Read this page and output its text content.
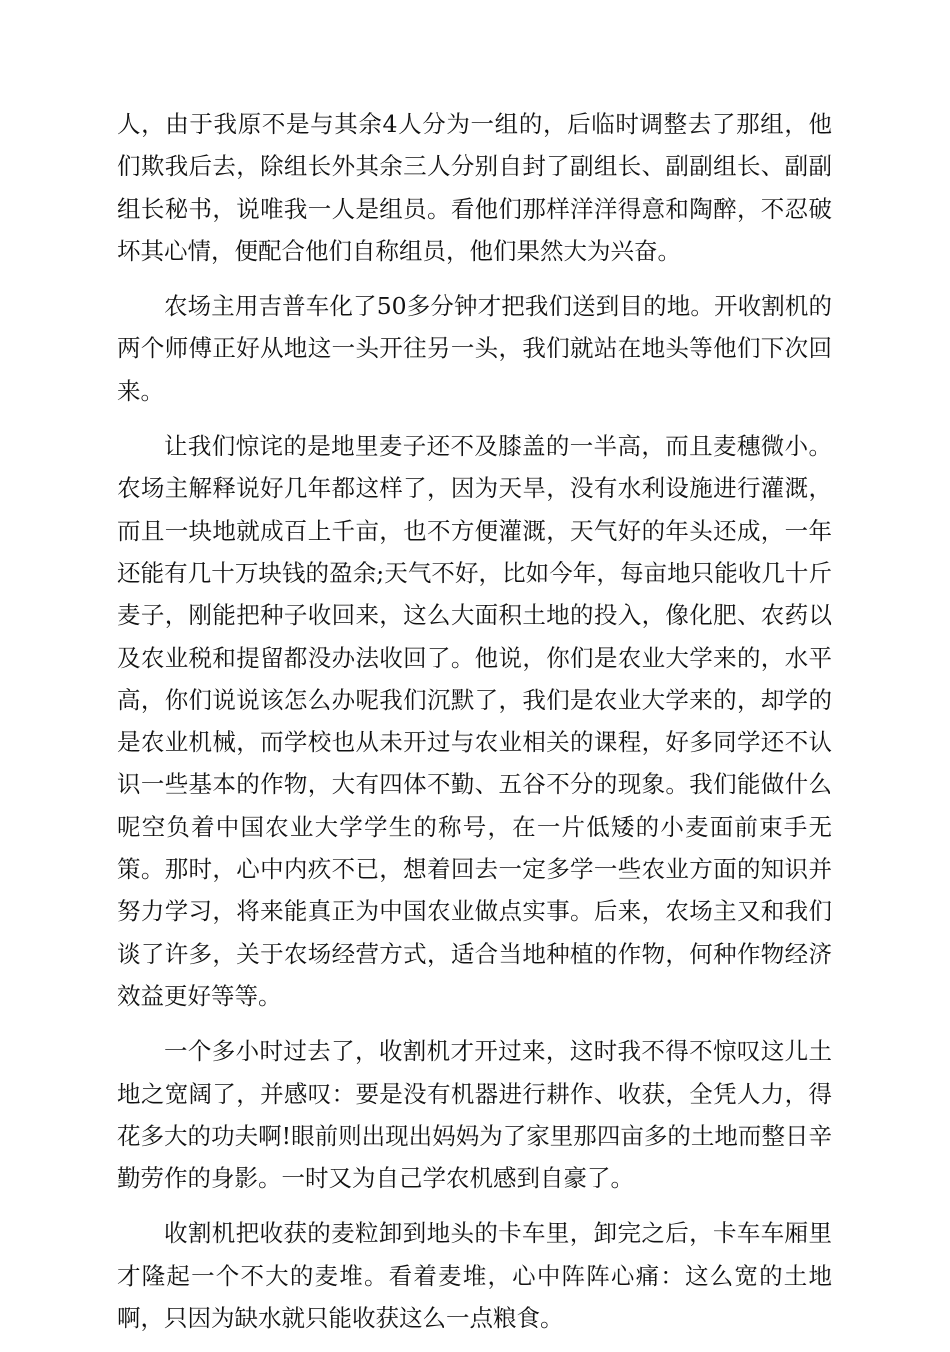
人，由于我原不是与其余4人分为一组的，后临时调整去了那组，他们欺我后去，除组长外其余三人分别自封了副组长、副副组长、副副组长秘书，说唯我一人是组员。看他们那样洋洋得意和陶醉，不忍破坏其心情，便配合他们自称组员，他们果然大为兴奋。

农场主用吉普车化了50多分钟才把我们送到目的地。开收割机的两个师傅正好从地这一头开往另一头，我们就站在地头等他们下次回来。

让我们惊诧的是地里麦子还不及膝盖的一半高，而且麦穗微小。农场主解释说好几年都这样了，因为天旱，没有水利设施进行灌溉，而且一块地就成百上千亩，也不方便灌溉，天气好的年头还成，一年还能有几十万块钱的盈余;天气不好，比如今年，每亩地只能收几十斤麦子，刚能把种子收回来，这么大面积土地的投入，像化肥、农药以及农业税和提留都没办法收回了。他说，你们是农业大学来的，水平高，你们说说该怎么办呢我们沉默了，我们是农业大学来的，却学的是农业机械，而学校也从未开过与农业相关的课程，好多同学还不认识一些基本的作物，大有四体不勤、五谷不分的现象。我们能做什么呢空负着中国农业大学学生的称号，在一片低矮的小麦面前束手无策。那时，心中内疚不已，想着回去一定多学一些农业方面的知识并努力学习，将来能真正为中国农业做点实事。后来，农场主又和我们谈了许多，关于农场经营方式，适合当地种植的作物，何种作物经济效益更好等等。

一个多小时过去了，收割机才开过来，这时我不得不惊叹这儿土地之宽阔了，并感叹：要是没有机器进行耕作、收获，全凭人力，得花多大的功夫啊!眼前则出现出妈妈为了家里那四亩多的土地而整日辛勤劳作的身影。一时又为自己学农机感到自豪了。

收割机把收获的麦粒卸到地头的卡车里，卸完之后，卡车车厢里才隆起一个不大的麦堆。看着麦堆，心中阵阵心痛：这么宽的土地啊，只因为缺水就只能收获这么一点粮食。
